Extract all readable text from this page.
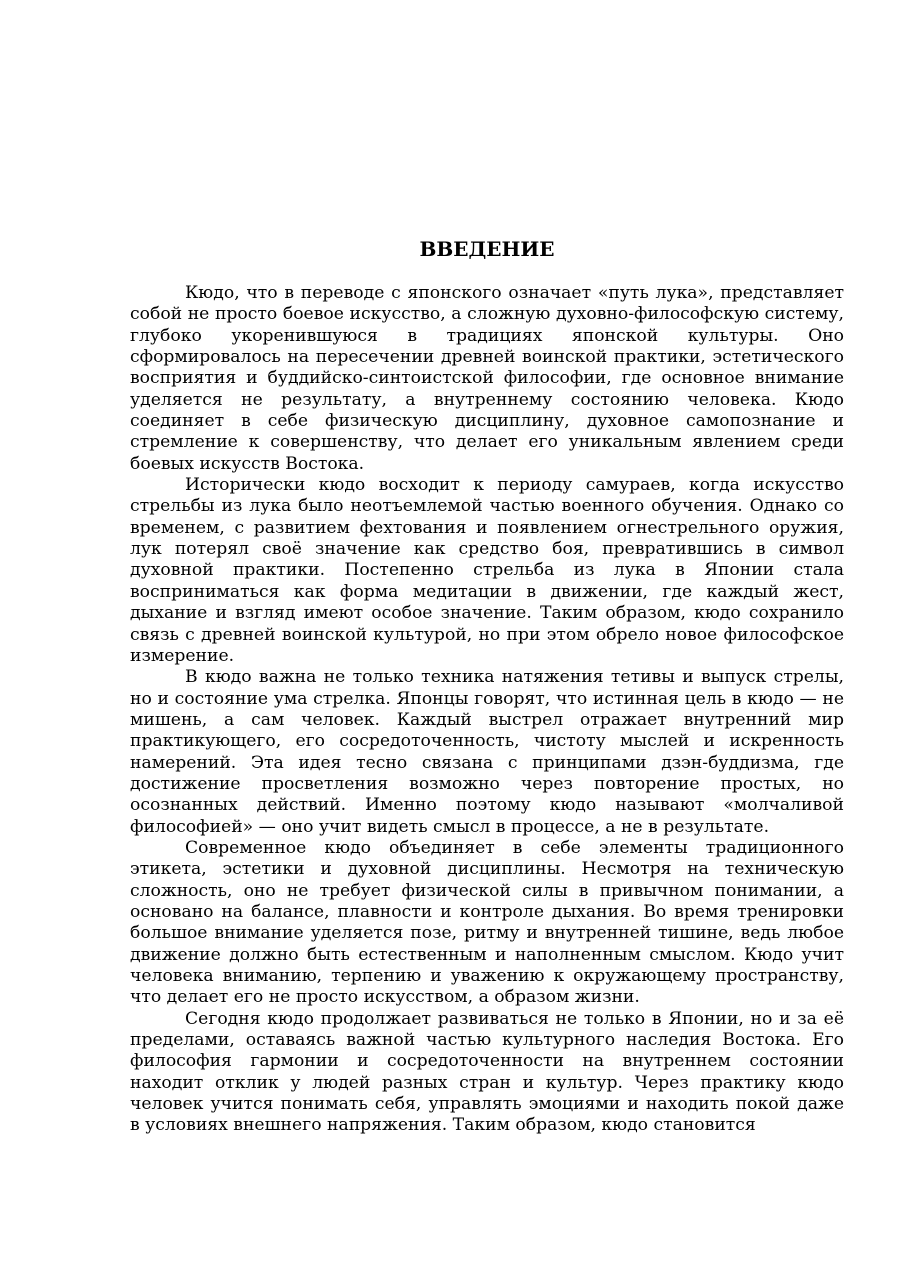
ВВЕДЕНИЕ

Кюдо, что в переводе с японского означает «путь лука», представляет собой не просто боевое искусство, а сложную духовно-философскую систему, глубоко укоренившуюся в традициях японской культуры. Оно сформировалось на пересечении древней воинской практики, эстетического восприятия и буддийско-синтоистской философии, где основное внимание уделяется не результату, а внутреннему состоянию человека. Кюдо соединяет в себе физическую дисциплину, духовное самопознание и стремление к совершенству, что делает его уникальным явлением среди боевых искусств Востока.

Исторически кюдо восходит к периоду самураев, когда искусство стрельбы из лука было неотъемлемой частью военного обучения. Однако со временем, с развитием фехтования и появлением огнестрельного оружия, лук потерял своё значение как средство боя, превратившись в символ духовной практики. Постепенно стрельба из лука в Японии стала восприниматься как форма медитации в движении, где каждый жест, дыхание и взгляд имеют особое значение. Таким образом, кюдо сохранило связь с древней воинской культурой, но при этом обрело новое философское измерение.

В кюдо важна не только техника натяжения тетивы и выпуск стрелы, но и состояние ума стрелка. Японцы говорят, что истинная цель в кюдо — не мишень, а сам человек. Каждый выстрел отражает внутренний мир практикующего, его сосредоточенность, чистоту мыслей и искренность намерений. Эта идея тесно связана с принципами дзэн-буддизма, где достижение просветления возможно через повторение простых, но осознанных действий. Именно поэтому кюдо называют «молчаливой философией» — оно учит видеть смысл в процессе, а не в результате.

Современное кюдо объединяет в себе элементы традиционного этикета, эстетики и духовной дисциплины. Несмотря на техническую сложность, оно не требует физической силы в привычном понимании, а основано на балансе, плавности и контроле дыхания. Во время тренировки большое внимание уделяется позе, ритму и внутренней тишине, ведь любое движение должно быть естественным и наполненным смыслом. Кюдо учит человека вниманию, терпению и уважению к окружающему пространству, что делает его не просто искусством, а образом жизни.

Сегодня кюдо продолжает развиваться не только в Японии, но и за её пределами, оставаясь важной частью культурного наследия Востока. Его философия гармонии и сосредоточенности на внутреннем состоянии находит отклик у людей разных стран и культур. Через практику кюдо человек учится понимать себя, управлять эмоциями и находить покой даже в условиях внешнего напряжения. Таким образом, кюдо становится
